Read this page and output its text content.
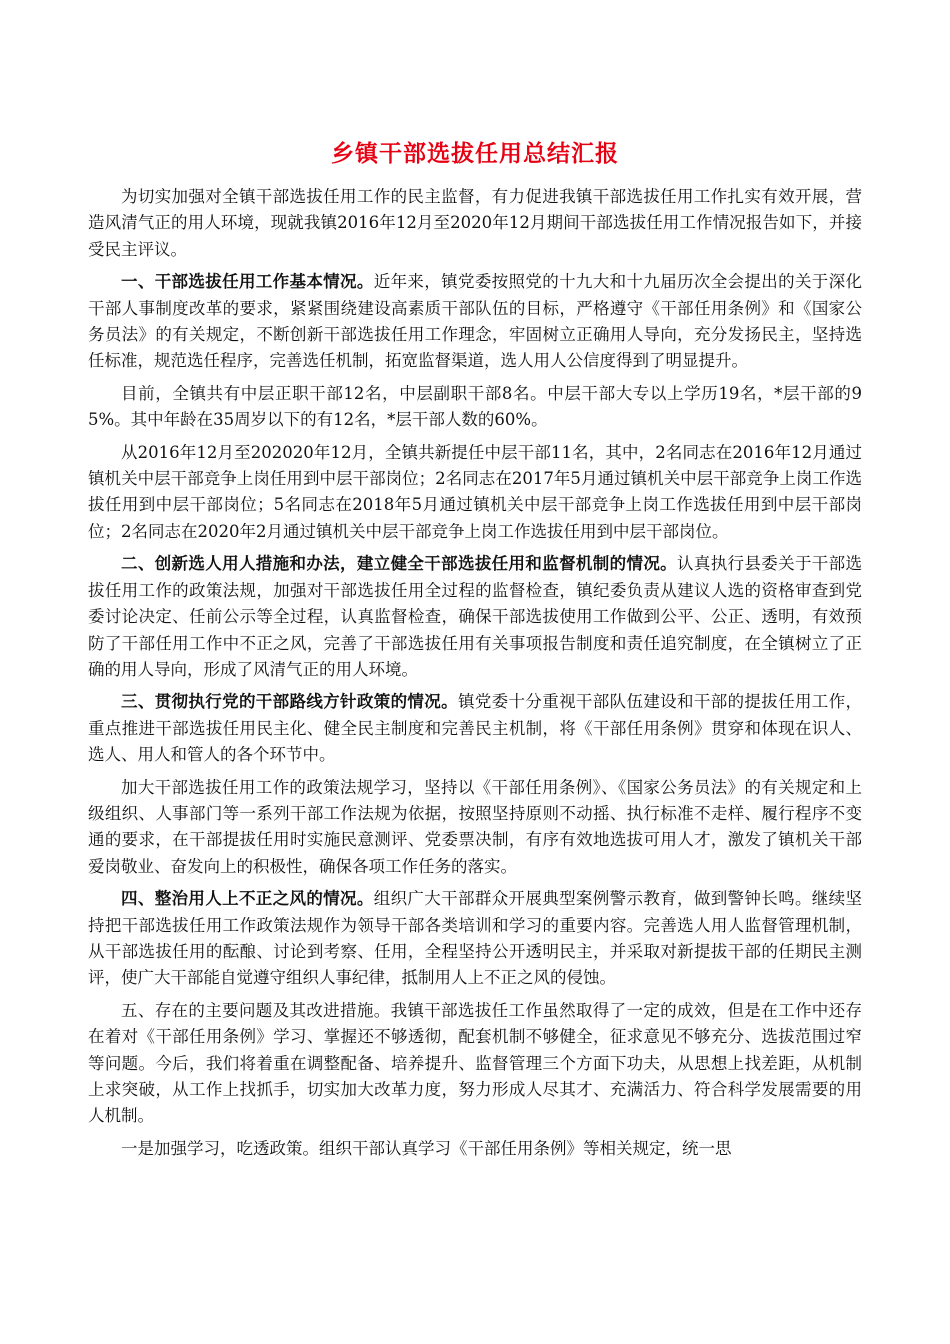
乡镇干部选拔任用总结汇报

为切实加强对全镇干部选拔任用工作的民主监督，有力促进我镇干部选拔任用工作扎实有效开展，营造风清气正的用人环境，现就我镇2016年12月至2020年12月期间干部选拔任用工作情况报告如下，并接受民主评议。

一、干部选拔任用工作基本情况。近年来，镇党委按照党的十九大和十九届历次全会提出的关于深化干部人事制度改革的要求，紧紧围绕建设高素质干部队伍的目标，严格遵守《干部任用条例》和《国家公务员法》的有关规定，不断创新干部选拔任用工作理念，牢固树立正确用人导向，充分发扬民主，坚持选任标准，规范选任程序，完善选任机制，拓宽监督渠道，选人用人公信度得到了明显提升。

目前，全镇共有中层正职干部12名，中层副职干部8名。中层干部大专以上学历19名，*层干部的95%。其中年龄在35周岁以下的有12名，*层干部人数的60%。

从2016年12月至202020年12月，全镇共新提任中层干部11名，其中，2名同志在2016年12月通过镇机关中层干部竞争上岗任用到中层干部岗位；2名同志在2017年5月通过镇机关中层干部竞争上岗工作选拔任用到中层干部岗位；5名同志在2018年5月通过镇机关中层干部竞争上岗工作选拔任用到中层干部岗位；2名同志在2020年2月通过镇机关中层干部竞争上岗工作选拔任用到中层干部岗位。

二、创新选人用人措施和办法，建立健全干部选拔任用和监督机制的情况。认真执行县委关于干部选拔任用工作的政策法规，加强对干部选拔任用全过程的监督检查，镇纪委负责从建议人选的资格审查到党委讨论决定、任前公示等全过程，认真监督检查，确保干部选拔使用工作做到公平、公正、透明，有效预防了干部任用工作中不正之风，完善了干部选拔任用有关事项报告制度和责任追究制度，在全镇树立了正确的用人导向，形成了风清气正的用人环境。

三、贯彻执行党的干部路线方针政策的情况。镇党委十分重视干部队伍建设和干部的提拔任用工作，重点推进干部选拔任用民主化、健全民主制度和完善民主机制，将《干部任用条例》贯穿和体现在识人、选人、用人和管人的各个环节中。

加大干部选拔任用工作的政策法规学习，坚持以《干部任用条例》、《国家公务员法》的有关规定和上级组织、人事部门等一系列干部工作法规为依据，按照坚持原则不动摇、执行标准不走样、履行程序不变通的要求，在干部提拔任用时实施民意测评、党委票决制，有序有效地选拔可用人才，激发了镇机关干部爱岗敬业、奋发向上的积极性，确保各项工作任务的落实。

四、整治用人上不正之风的情况。组织广大干部群众开展典型案例警示教育，做到警钟长鸣。继续坚持把干部选拔任用工作政策法规作为领导干部各类培训和学习的重要内容。完善选人用人监督管理机制，从干部选拔任用的酝酿、讨论到考察、任用，全程坚持公开透明民主，并采取对新提拔干部的任期民主测评，使广大干部能自觉遵守组织人事纪律，抵制用人上不正之风的侵蚀。

五、存在的主要问题及其改进措施。我镇干部选拔任工作虽然取得了一定的成效，但是在工作中还存在着对《干部任用条例》学习、掌握还不够透彻，配套机制不够健全，征求意见不够充分、选拔范围过窄等问题。今后，我们将着重在调整配备、培养提升、监督管理三个方面下功夫，从思想上找差距，从机制上求突破，从工作上找抓手，切实加大改革力度，努力形成人尽其才、充满活力、符合科学发展需要的用人机制。

一是加强学习，吃透政策。组织干部认真学习《干部任用条例》等相关规定，统一思
